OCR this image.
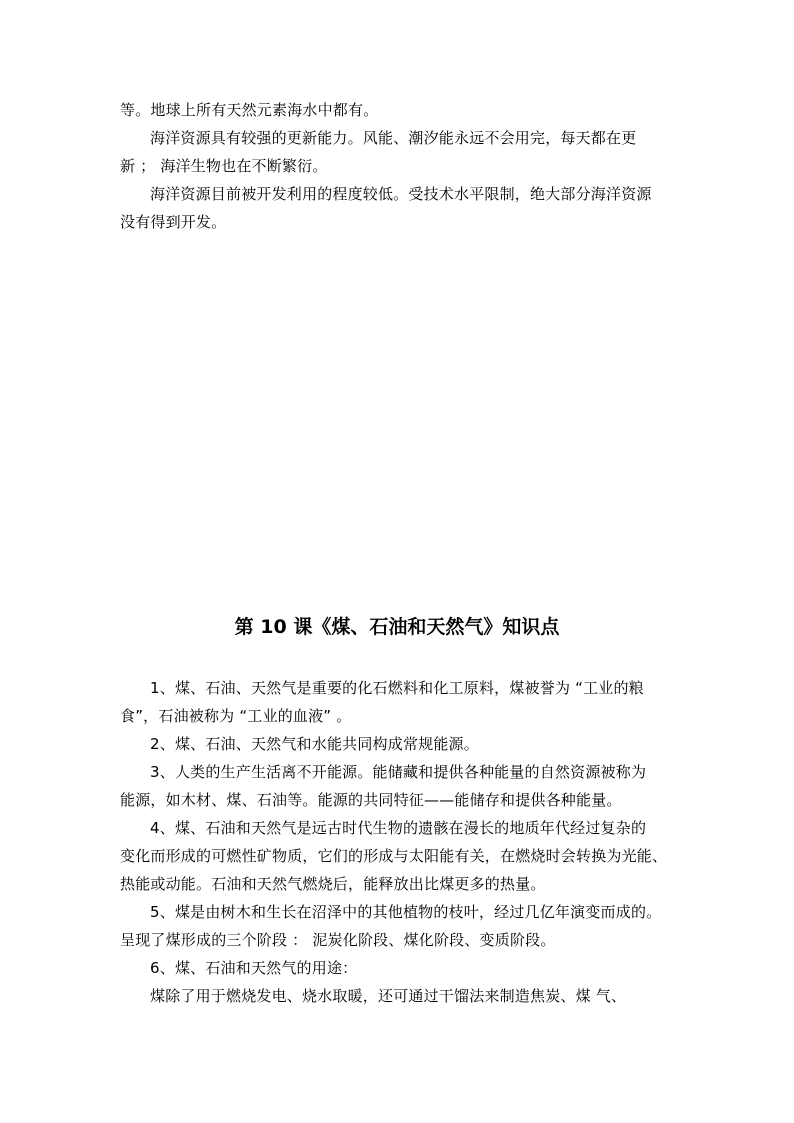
等。地球上所有天然元素海水中都有。
海洋资源具有较强的更新能力。风能、潮汐能永远不会用完，每天都在更
新 ； 海洋生物也在不断繁衍。
海洋资源目前被开发利用的程度较低。受技术水平限制，绝大部分海洋资源
没有得到开发。
第 10 课《煤、石油和天然气》知识点
1、煤、石油、天然气是重要的化石燃料和化工原料，煤被誉为 “工业的粮
食”，石油被称为 “工业的血液” 。
2、煤、石油、天然气和水能共同构成常规能源。
3、人类的生产生活离不开能源。能储藏和提供各种能量的自然资源被称为
能源，如木材、煤、石油等。能源的共同特征——能储存和提供各种能量。
4、煤、石油和天然气是远古时代生物的遗骸在漫长的地质年代经过复杂的
变化而形成的可燃性矿物质，它们的形成与太阳能有关，在燃烧时会转换为光能、
热能或动能。石油和天然气燃烧后，能释放出比煤更多的热量。
5、煤是由树木和生长在沼泽中的其他植物的枝叶，经过几亿年演变而成的。
呈现了煤形成的三个阶段 ： 泥炭化阶段、煤化阶段、变质阶段。
6、煤、石油和天然气的用途：
煤除了用于燃烧发电、烧水取暖，还可通过干馏法来制造焦炭、煤 气、
